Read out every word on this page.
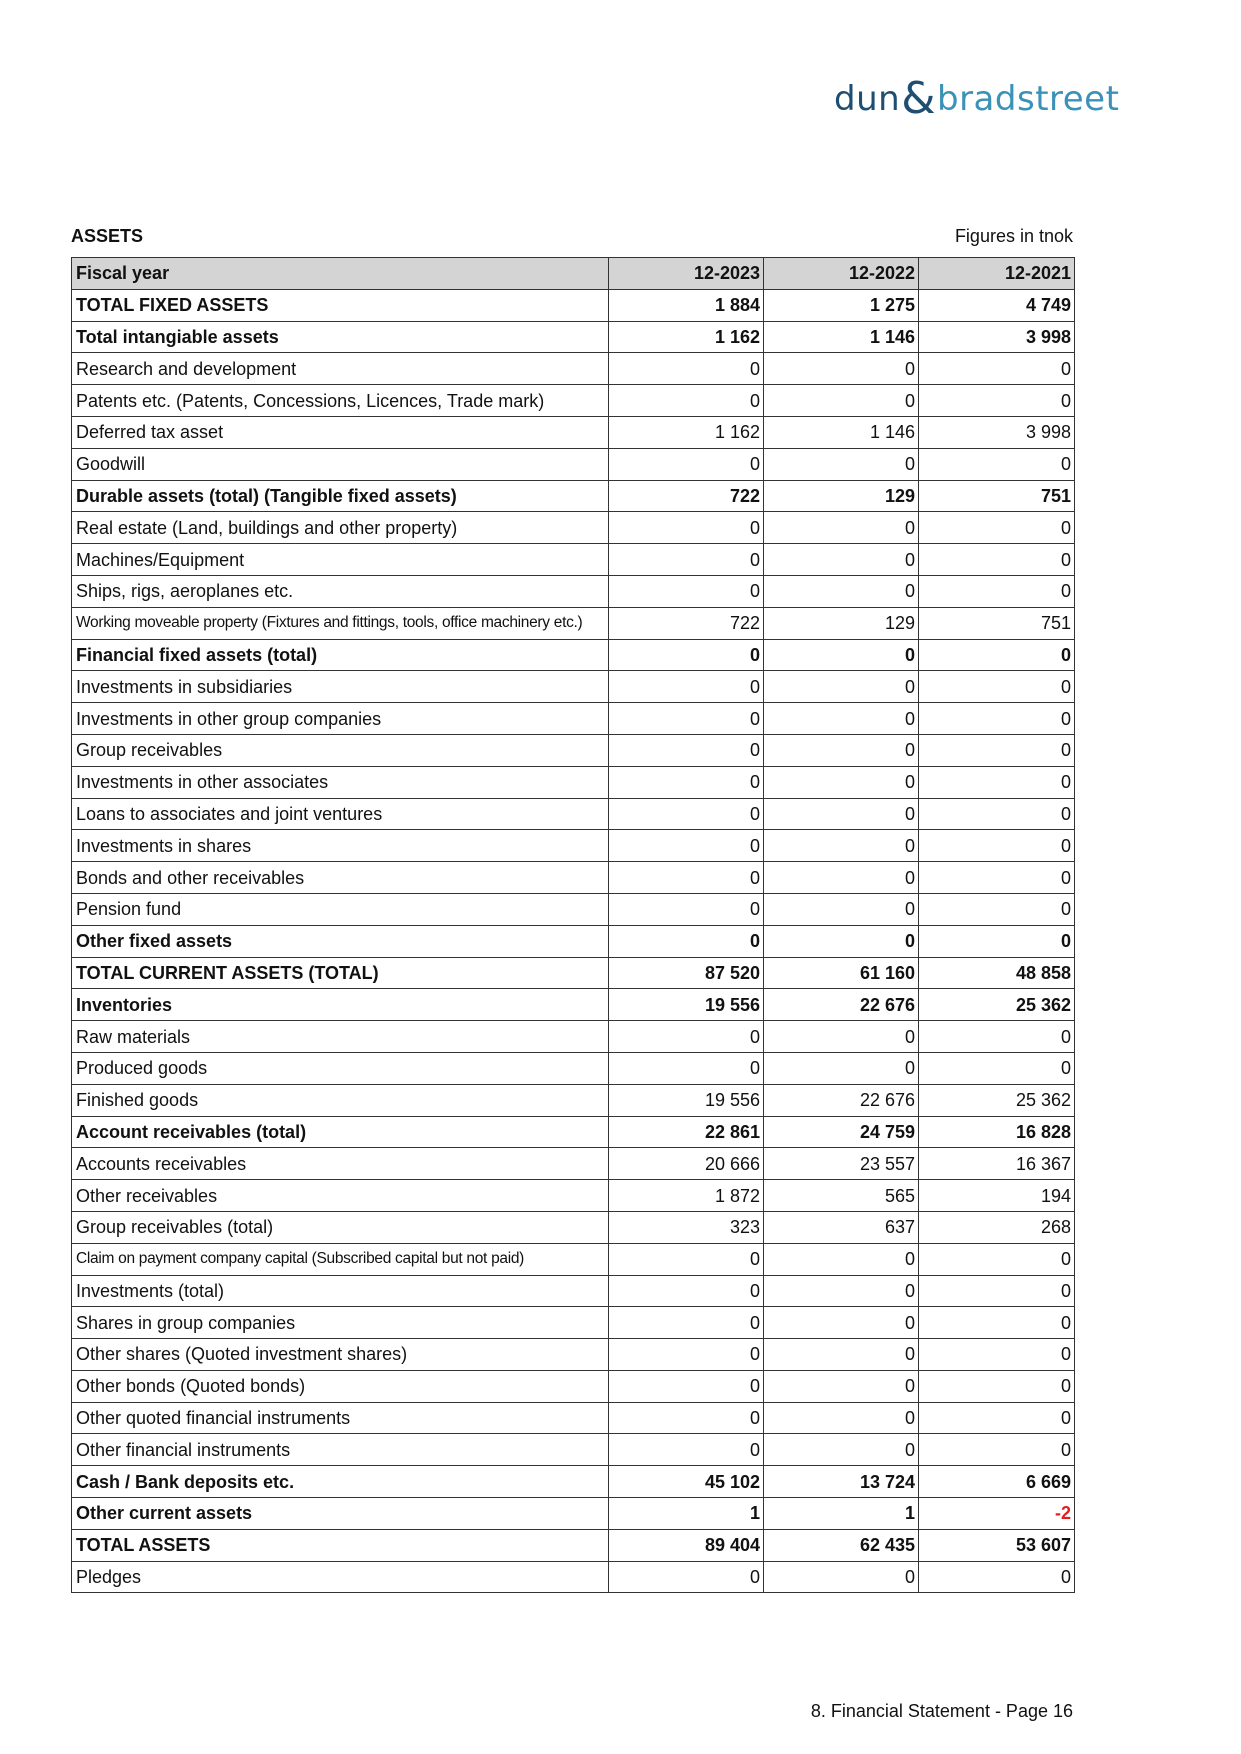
dun & bradstreet
ASSETS	Figures in tnok
Fiscal year	12-2023	12-2022	12-2021
TOTAL FIXED ASSETS	1 884	1 275	4 749
Total intangiable assets	1 162	1 146	3 998
Research and development	0	0	0
Patents etc. (Patents, Concessions, Licences, Trade mark)	0	0	0
Deferred tax asset	1 162	1 146	3 998
Goodwill	0	0	0
Durable assets (total) (Tangible fixed assets)	722	129	751
Real estate (Land, buildings and other property)	0	0	0
Machines/Equipment	0	0	0
Ships, rigs, aeroplanes etc.	0	0	0
Working moveable property (Fixtures and fittings, tools, office machinery etc.)	722	129	751
Financial fixed assets (total)	0	0	0
Investments in subsidiaries	0	0	0
Investments in other group companies	0	0	0
Group receivables	0	0	0
Investments in other associates	0	0	0
Loans to associates and joint ventures	0	0	0
Investments in shares	0	0	0
Bonds and other receivables	0	0	0
Pension fund	0	0	0
Other fixed assets	0	0	0
TOTAL CURRENT ASSETS (TOTAL)	87 520	61 160	48 858
Inventories	19 556	22 676	25 362
Raw materials	0	0	0
Produced goods	0	0	0
Finished goods	19 556	22 676	25 362
Account receivables (total)	22 861	24 759	16 828
Accounts receivables	20 666	23 557	16 367
Other receivables	1 872	565	194
Group receivables (total)	323	637	268
Claim on payment company capital (Subscribed capital but not paid)	0	0	0
Investments (total)	0	0	0
Shares in group companies	0	0	0
Other shares (Quoted investment shares)	0	0	0
Other bonds (Quoted bonds)	0	0	0
Other quoted financial instruments	0	0	0
Other financial instruments	0	0	0
Cash / Bank deposits etc.	45 102	13 724	6 669
Other current assets	1	1	-2
TOTAL ASSETS	89 404	62 435	53 607
Pledges	0	0	0
8. Financial Statement - Page 16
